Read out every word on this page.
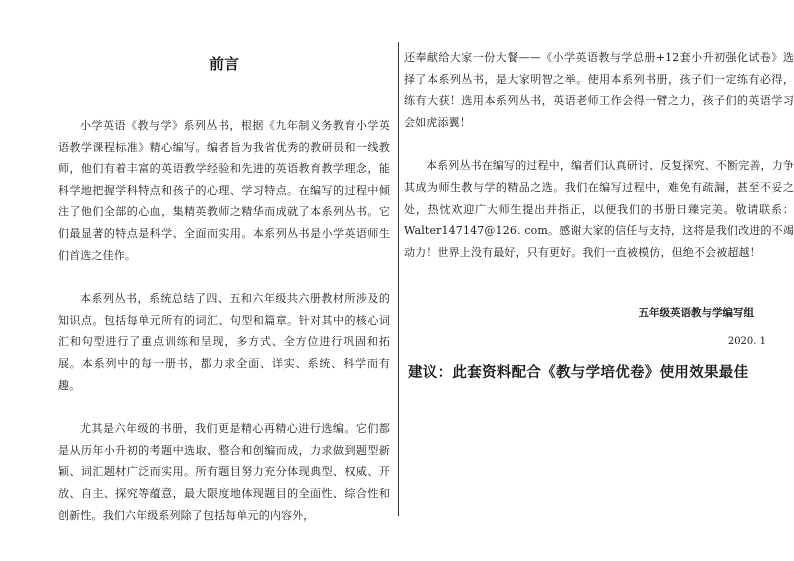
前言

小学英语《教与学》系列丛书，根据《九年制义务教育小学英语教学课程标准》精心编写。编者旨为我省优秀的教研员和一线教师，他们有着丰富的英语教学经验和先进的英语教育教学理念，能科学地把握学科特点和孩子的心理、学习特点。在编写的过程中倾注了他们全部的心血，集精英教师之精华而成就了本系列丛书。它们最显著的特点是科学、全面而实用。本系列丛书是小学英语师生们首选之佳作。

本系列丛书，系统总结了四、五和六年级共六册教材所涉及的知识点。包括每单元所有的词汇、句型和篇章。针对其中的核心词汇和句型进行了重点训练和呈现，多方式、全方位进行巩固和拓展。本系列中的每一册书，都力求全面、详实、系统、科学而有趣。

尤其是六年级的书册，我们更是精心再精心进行选编。它们都是从历年小升初的考题中选取、整合和创编而成，力求做到题型新颖、词汇题材广泛而实用。所有题目努力充分体现典型、权威、开放、自主、探究等蕴意，最大限度地体现题目的全面性、综合性和创新性。我们六年级系列除了包括每单元的内容外，

还奉献给大家一份大餐——《小学英语教与学总册+12套小升初强化试卷》选择了本系列丛书，是大家明智之举。使用本系列书册，孩子们一定练有必得，练有大获！选用本系列丛书，英语老师工作会得一臂之力，孩子们的英语学习会如虎添翼！

本系列丛书在编写的过程中，编者们认真研讨、反复探究、不断完善，力争其成为师生教与学的精品之选。我们在编写过程中，难免有疏漏，甚至不妥之处，热忱欢迎广大师生提出并指正，以便我们的书册日臻完美。敬请联系：Walter147147@126. com。感谢大家的信任与支持，这将是我们改进的不竭动力！世界上没有最好，只有更好。我们一直被模仿，但绝不会被超越！

五年级英语教与学编写组

2020. 1

建议：此套资料配合《教与学培优卷》使用效果最佳
